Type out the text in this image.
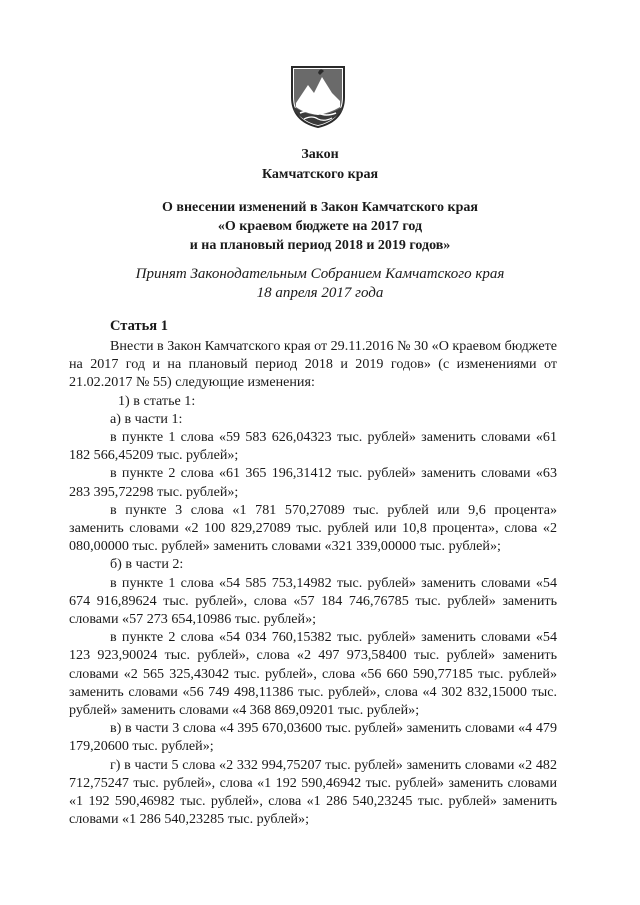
Закон
Камчатского края
О внесении изменений в Закон Камчатского края
«О краевом бюджете на 2017 год
и на плановый период 2018 и 2019 годов»
Принят Законодательным Собранием Камчатского края
18 апреля 2017 года
Статья 1

Внести в Закон Камчатского края от 29.11.2016 № 30 «О краевом бюджете на 2017 год и на плановый период 2018 и 2019 годов» (с изменениями от 21.02.2017 № 55) следующие изменения:

1) в статье 1:

а) в части 1:

в пункте 1 слова «59 583 626,04323 тыс. рублей» заменить словами «61 182 566,45209 тыс. рублей»;

в пункте 2 слова «61 365 196,31412 тыс. рублей» заменить словами «63 283 395,72298 тыс. рублей»;

в пункте 3 слова «1 781 570,27089 тыс. рублей или 9,6 процента» заменить словами «2 100 829,27089 тыс. рублей или 10,8 процента», слова «2 080,00000 тыс. рублей» заменить словами «321 339,00000 тыс. рублей»;

б) в части 2:

в пункте 1 слова «54 585 753,14982 тыс. рублей» заменить словами «54 674 916,89624 тыс. рублей», слова «57 184 746,76785 тыс. рублей» заменить словами «57 273 654,10986 тыс. рублей»;

в пункте 2 слова «54 034 760,15382 тыс. рублей» заменить словами «54 123 923,90024 тыс. рублей», слова «2 497 973,58400 тыс. рублей» заменить словами «2 565 325,43042 тыс. рублей», слова «56 660 590,77185 тыс. рублей» заменить словами «56 749 498,11386 тыс. рублей», слова «4 302 832,15000 тыс. рублей» заменить словами «4 368 869,09201 тыс. рублей»;

в) в части 3 слова «4 395 670,03600 тыс. рублей» заменить словами «4 479 179,20600 тыс. рублей»;

г) в части 5 слова «2 332 994,75207 тыс. рублей» заменить словами «2 482 712,75247 тыс. рублей», слова «1 192 590,46942 тыс. рублей» заменить словами «1 192 590,46982 тыс. рублей», слова «1 286 540,23245 тыс. рублей» заменить словами «1 286 540,23285 тыс. рублей»;
